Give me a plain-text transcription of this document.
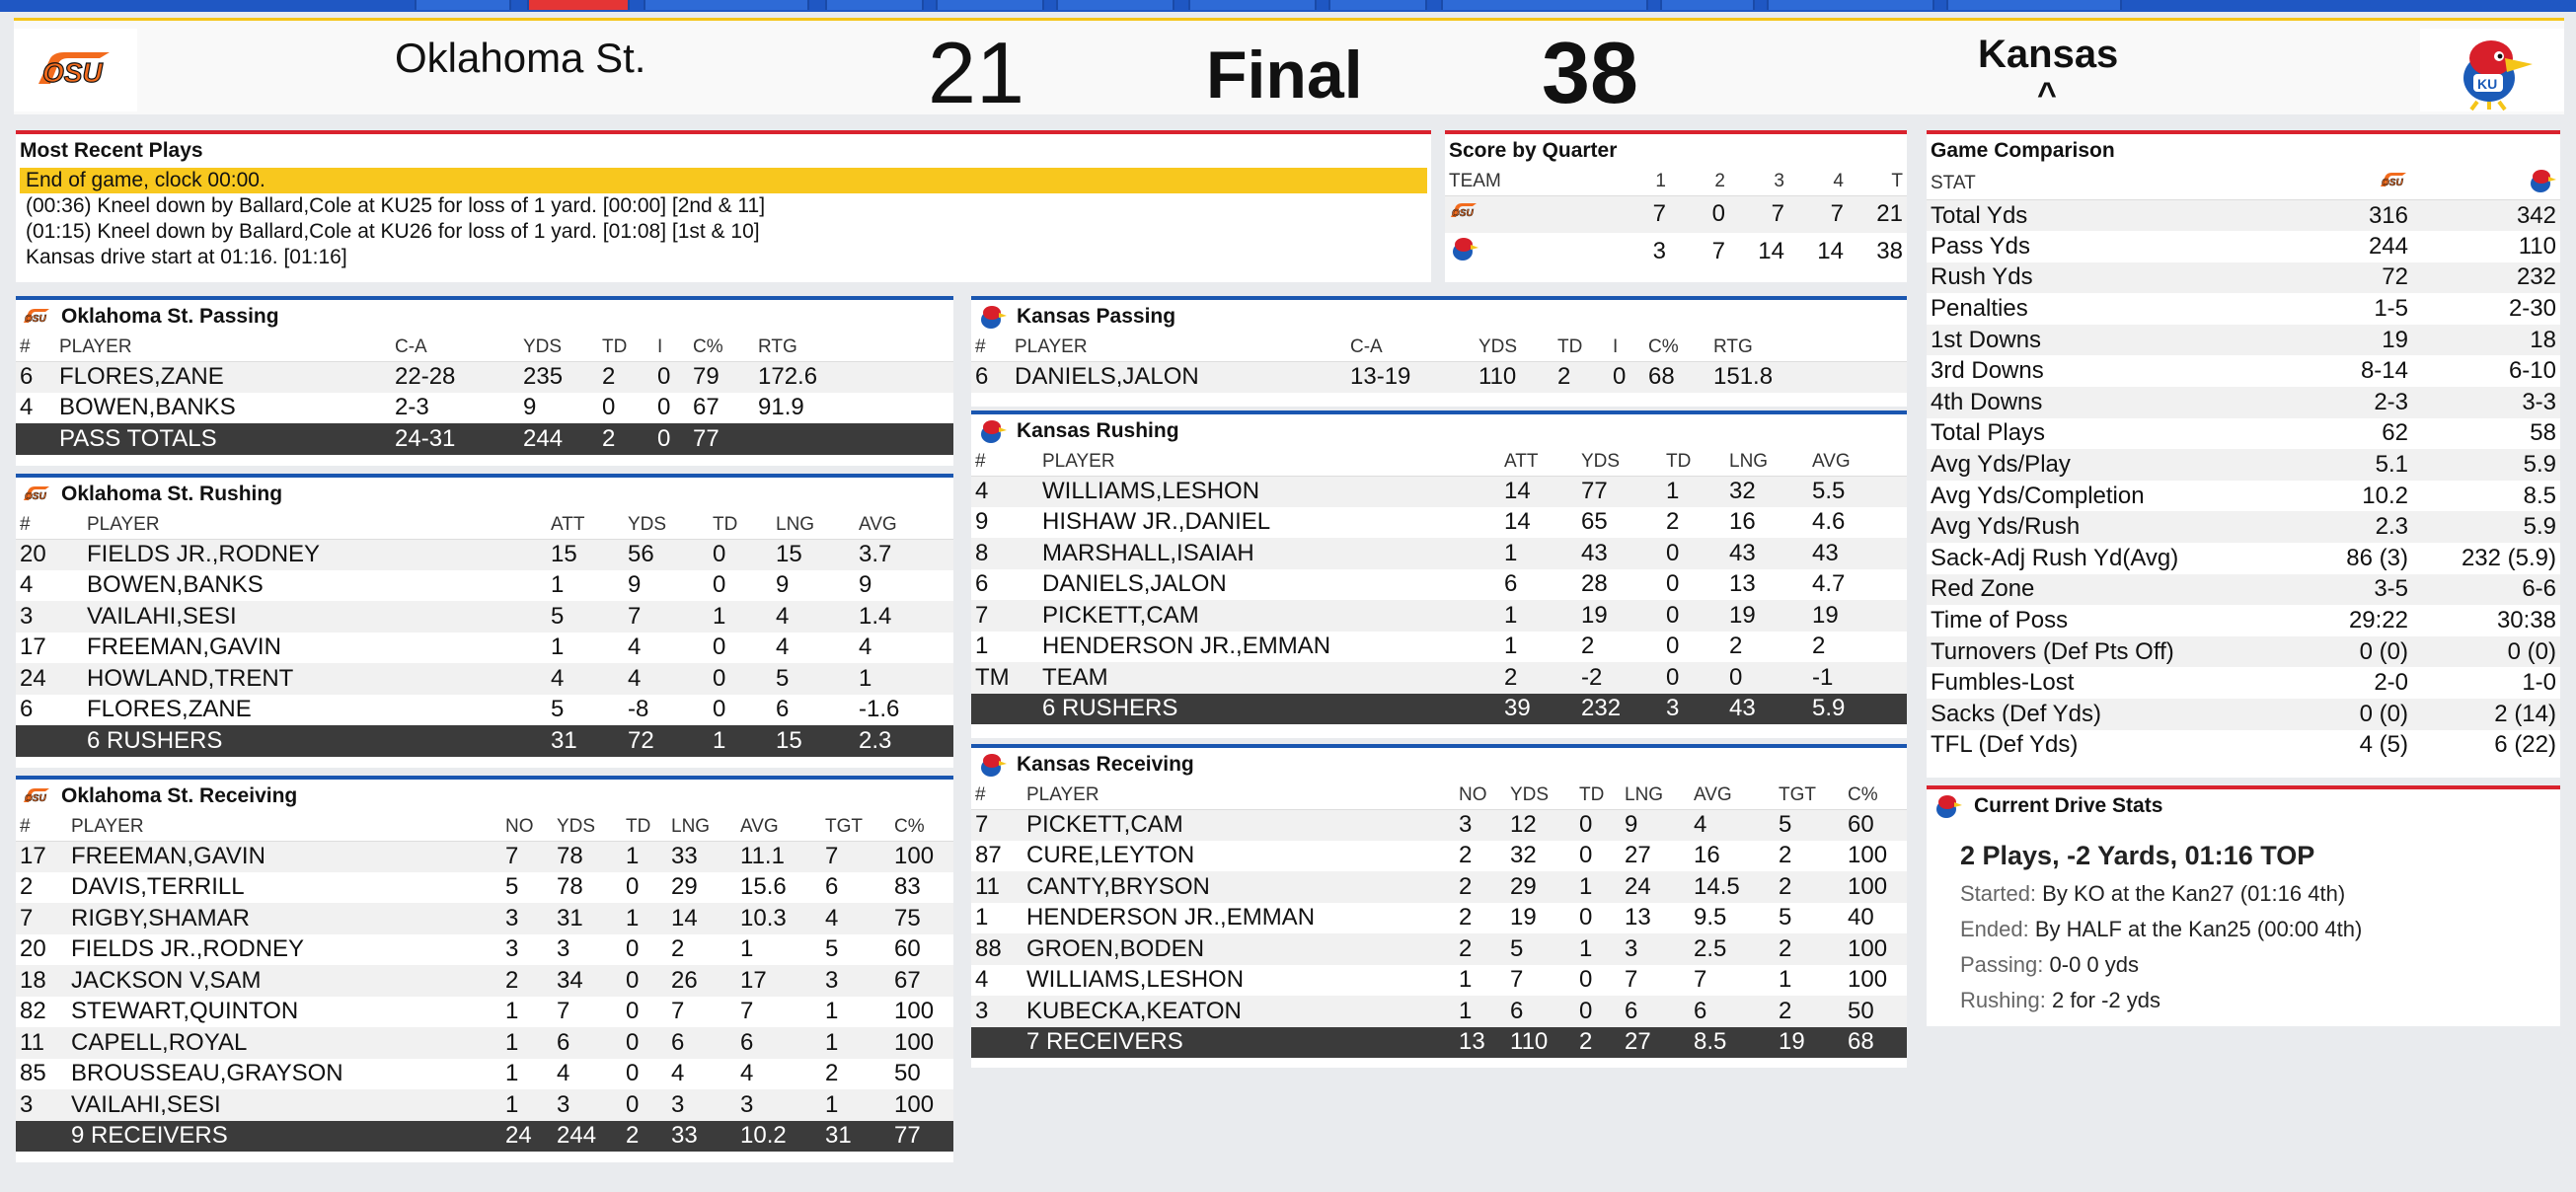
OSU	Oklahoma St.	21	Final 38	Kansas
^	KU
Most Recent Plays
End of game, clock 00:00.
(00:36) Kneel down by Ballard,Cole at KU25 for loss of 1 yard. [00:00] [2nd & 11]
(01:15) Kneel down by Ballard,Cole at KU26 for loss of 1 yard. [01:08] [1st & 10]
Kansas drive start at 01:16. [01:16]
Score by Quarter
TEAM	1	2	3	4	T

OSU	7	0	7	7	21
	3	7	14	14	38
Game Comparison
STAT	OSU

Total Yds	316	342
Pass Yds	244	110
Rush Yds	72	232
Penalties	1-5	2-30
1st Downs	19	18
3rd Downs	8-14	6-10
4th Downs	2-3	3-3
Total Plays	62	58
Avg Yds/Play	5.1	5.9
Avg Yds/Completion	10.2	8.5
Avg Yds/Rush	2.3	5.9
Sack-Adj Rush Yd(Avg)	86 (3)	232 (5.9)
Red Zone	3-5	6-6
Time of Poss	29:22	30:38
Turnovers (Def Pts Off)	0 (0)	0 (0)
Fumbles-Lost	2-0	1-0
Sacks (Def Yds)	0 (0)	2 (14)
TFL (Def Yds)	4 (5)	6 (22)
Current Drive Stats
2 Plays, -2 Yards, 01:16 TOP
Started: By KO at the Kan27 (01:16 4th)
Ended: By HALF at the Kan25 (00:00 4th)
Passing: 0-0 0 yds
Rushing: 2 for -2 yds
OSU Oklahoma St. Passing
#	PLAYER	C-A	YDS	TD	I	C%	RTG
6	FLORES,ZANE	22-28	235	2	0	79	172.6
4	BOWEN,BANKS	2-3	9	0	0	67	91.9
	PASS TOTALS	24-31	244	2	0	77	
OSU Oklahoma St. Rushing
#	PLAYER	ATT	YDS	TD	LNG	AVG
20	FIELDS JR.,RODNEY	15	56	0	15	3.7
4	BOWEN,BANKS	1	9	0	9	9
3	VAILAHI,SESI	5	7	1	4	1.4
17	FREEMAN,GAVIN	1	4	0	4	4
24	HOWLAND,TRENT	4	4	0	5	1
6	FLORES,ZANE	5	-8	0	6	-1.6
	6 RUSHERS	31	72	1	15	2.3
OSU Oklahoma St. Receiving
#	PLAYER	NO	YDS	TD	LNG	AVG	TGT	C%
17	FREEMAN,GAVIN	7	78	1	33	11.1	7	100
2	DAVIS,TERRILL	5	78	0	29	15.6	6	83
7	RIGBY,SHAMAR	3	31	1	14	10.3	4	75
20	FIELDS JR.,RODNEY	3	3	0	2	1	5	60
18	JACKSON V,SAM	2	34	0	26	17	3	67
82	STEWART,QUINTON	1	7	0	7	7	1	100
11	CAPELL,ROYAL	1	6	0	6	6	1	100
85	BROUSSEAU,GRAYSON	1	4	0	4	4	2	50
3	VAILAHI,SESI	1	3	0	3	3	1	100
	9 RECEIVERS	24	244	2	33	10.2	31	77
Kansas Passing
#	PLAYER	C-A	YDS	TD	I	C%	RTG
6	DANIELS,JALON	13-19	110	2	0	68	151.8
Kansas Rushing
#	PLAYER	ATT	YDS	TD	LNG	AVG
4	WILLIAMS,LESHON	14	77	1	32	5.5
9	HISHAW JR.,DANIEL	14	65	2	16	4.6
8	MARSHALL,ISAIAH	1	43	0	43	43
6	DANIELS,JALON	6	28	0	13	4.7
7	PICKETT,CAM	1	19	0	19	19
1	HENDERSON JR.,EMMAN	1	2	0	2	2
TM	TEAM	2	-2	0	0	-1
	6 RUSHERS	39	232	3	43	5.9
Kansas Receiving
#	PLAYER	NO	YDS	TD	LNG	AVG	TGT	C%
7	PICKETT,CAM	3	12	0	9	4	5	60
87	CURE,LEYTON	2	32	0	27	16	2	100
11	CANTY,BRYSON	2	29	1	24	14.5	2	100
1	HENDERSON JR.,EMMAN	2	19	0	13	9.5	5	40
88	GROEN,BODEN	2	5	1	3	2.5	2	100
4	WILLIAMS,LESHON	1	7	0	7	7	1	100
3	KUBECKA,KEATON	1	6	0	6	6	2	50
	7 RECEIVERS	13	110	2	27	8.5	19	68
